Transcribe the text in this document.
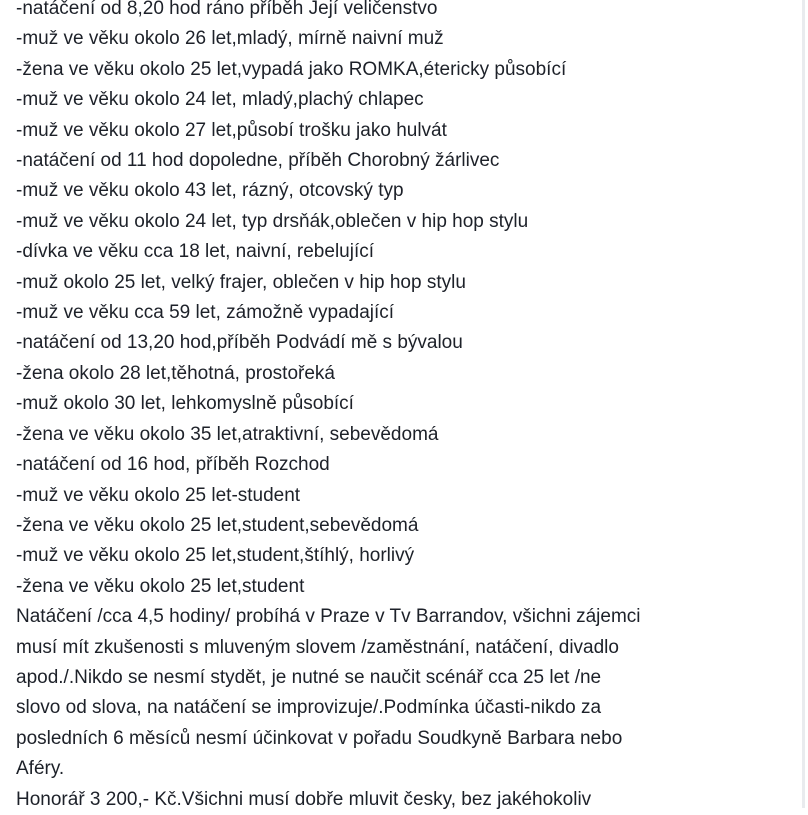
-natáčení od 8,20 hod ráno příběh Její veličenstvo
-muž ve věku okolo 26 let,mladý, mírně naivní muž
-žena ve věku okolo 25 let,vypadá jako ROMKA,étericky působící
-muž ve věku okolo 24 let, mladý,plachý chlapec
-muž ve věku okolo 27 let,působí trošku jako hulvát
-natáčení od 11 hod dopoledne, příběh Chorobný žárlivec
-muž ve věku okolo 43 let, rázný, otcovský typ
-muž ve věku okolo 24 let, typ drsňák,oblečen v hip hop stylu
-dívka ve věku cca 18 let, naivní, rebelující
-muž okolo 25 let, velký frajer, oblečen v hip hop stylu
-muž ve věku cca 59 let, zámožně vypadající
-natáčení od 13,20 hod,příběh Podvádí mě s bývalou
-žena okolo 28 let,těhotná, prostořeká
-muž okolo 30 let, lehkomyslně působící
-žena ve věku okolo 35 let,atraktivní, sebevědomá
-natáčení od 16 hod, příběh Rozchod
-muž ve věku okolo 25 let-student
-žena ve věku okolo 25 let,student,sebevědomá
-muž ve věku okolo 25 let,student,štíhlý, horlivý
-žena ve věku okolo 25 let,student
Natáčení /cca 4,5 hodiny/ probíhá v Praze v Tv Barrandov, všichni zájemci
musí mít zkušenosti s mluveným slovem /zaměstnání, natáčení, divadlo
apod./.Nikdo se nesmí stydět, je nutné se naučit scénář cca 25 let /ne
slovo od slova, na natáčení se improvizuje/.Podmínka účasti-nikdo za
posledních 6 měsíců nesmí účinkovat v pořadu Soudkyně Barbara nebo
Aféry.
Honorář 3 200,- Kč.Všichni musí dobře mluvit česky, bez jakéhokoliv
